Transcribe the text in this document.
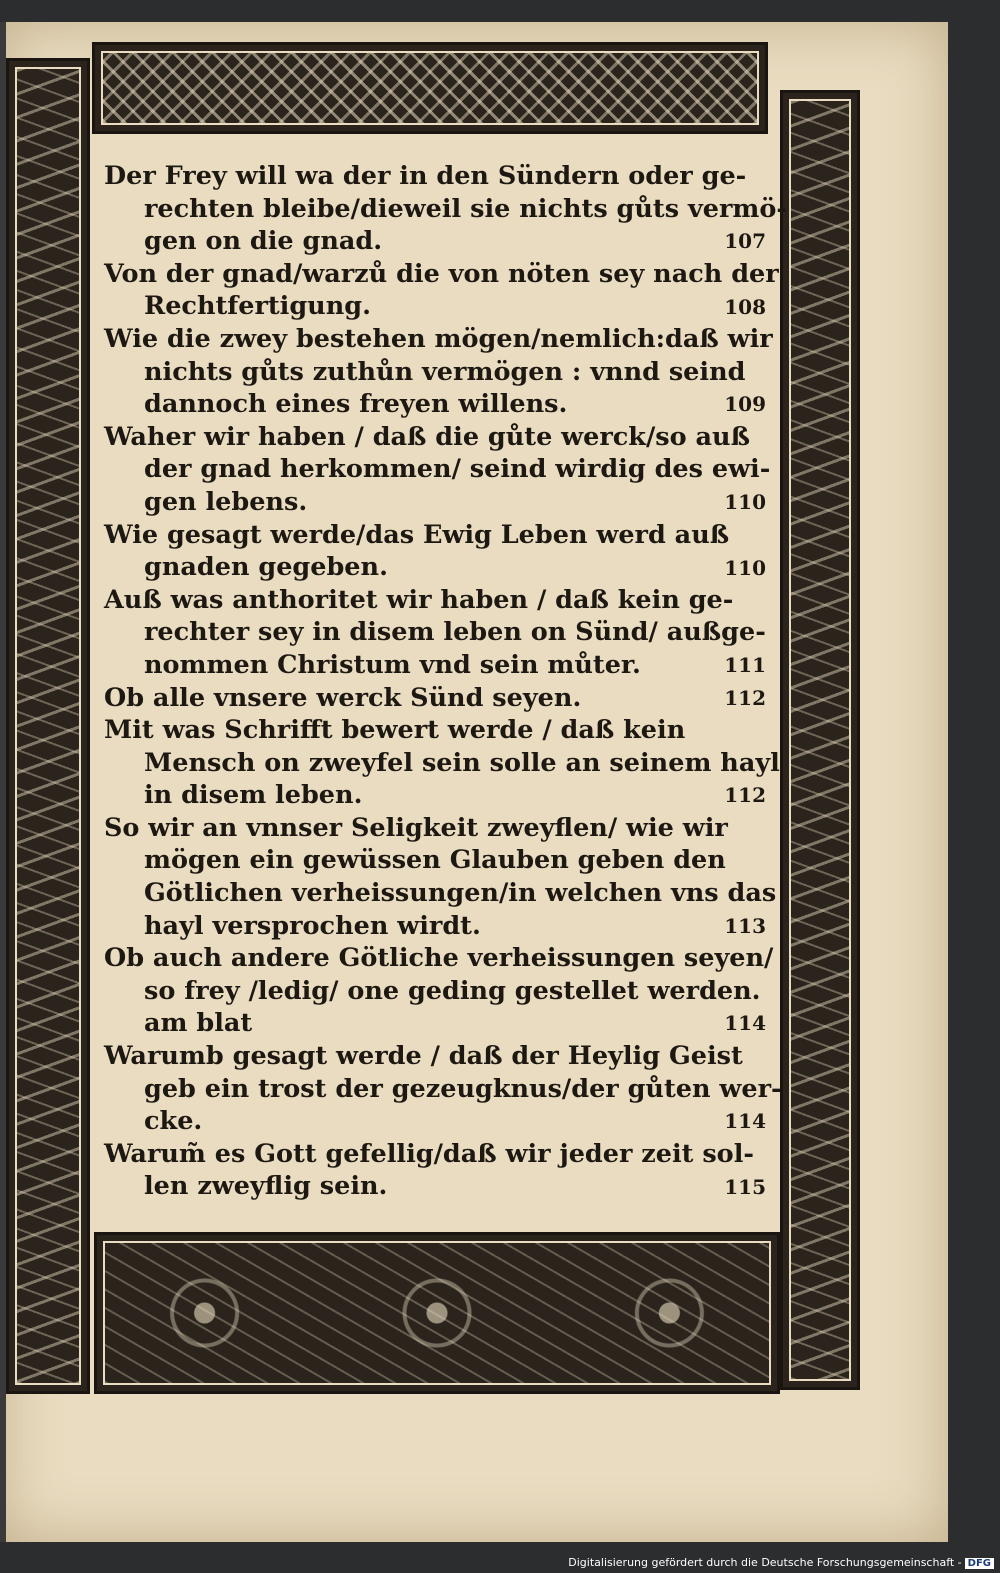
Der Frey will wa der in den Sündern oder ge-
rechten bleibe/dieweil sie nichts gůts vermö-
gen on die gnad.	107
Von der gnad/warzů die von nöten sey nach der
Rechtfertigung.	108
Wie die zwey bestehen mögen/nemlich:daß wir
nichts gůts zuthůn vermögen : vnnd seind
dannoch eines freyen willens.	109
Waher wir haben / daß die gůte werck/so auß
der gnad herkommen/ seind wirdig des ewi-
gen lebens.	110
Wie gesagt werde/das Ewig Leben werd auß
gnaden gegeben.	110
Auß was anthoritet wir haben / daß kein ge-
rechter sey in disem leben on Sünd/ außge-
nommen Christum vnd sein můter.	111
Ob alle vnsere werck Sünd seyen.	112
Mit was Schrifft bewert werde / daß kein
Mensch on zweyfel sein solle an seinem hayl
in disem leben.	112
So wir an vnnser Seligkeit zweyflen/ wie wir
mögen ein gewüssen Glauben geben den
Götlichen verheissungen/in welchen vns das
hayl versprochen wirdt.	113
Ob auch andere Götliche verheissungen seyen/
so frey /ledig/ one geding gestellet werden.
am blat	114
Warumb gesagt werde / daß der Heylig Geist
geb ein trost der gezeugknus/der gůten wer-
cke.	114
Warum̃ es Gott gefellig/daß wir jeder zeit sol-
len zweyflig sein.	115
Digitalisierung gefördert durch die Deutsche Forschungsgemeinschaft - DFG
